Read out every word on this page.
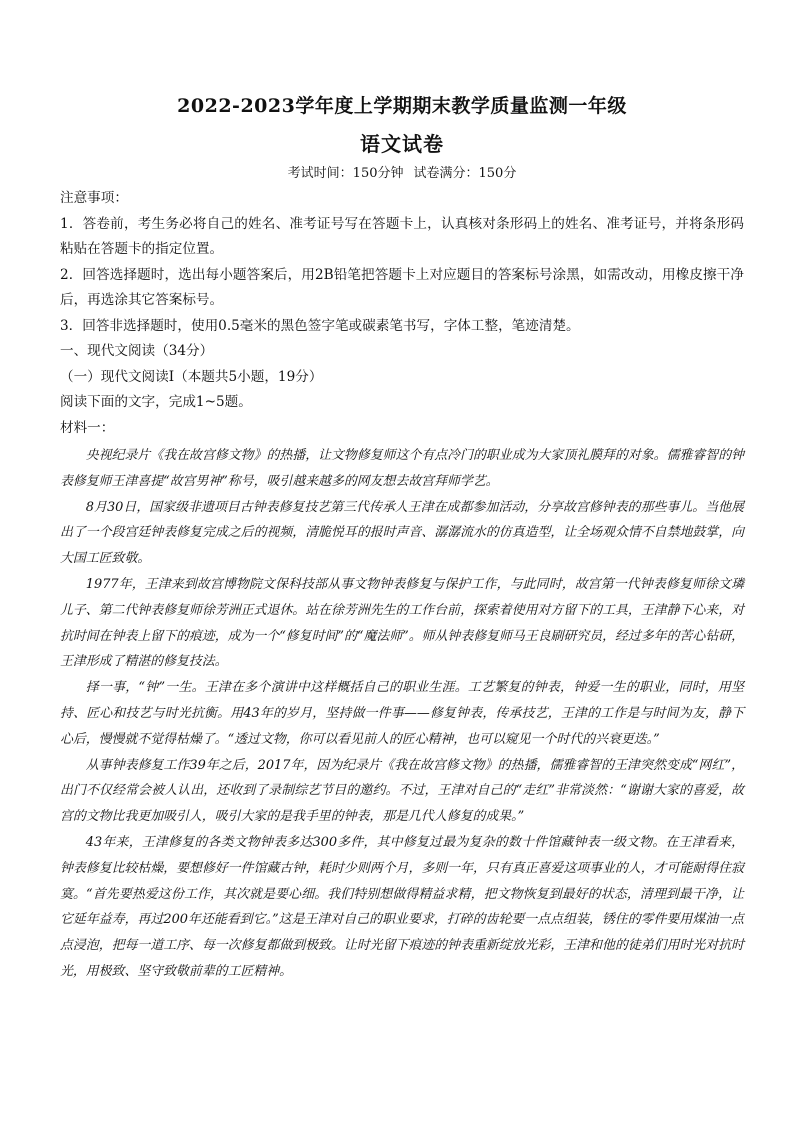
2022-2023学年度上学期期末教学质量监测一年级
语文试卷

考试时间：150分钟 试卷满分：150分

注意事项：

1．答卷前，考生务必将自己的姓名、准考证号写在答题卡上，认真核对条形码上的姓名、准考证号，并将条形码粘贴在答题卡的指定位置。

2．回答选择题时，选出每小题答案后，用2B铅笔把答题卡上对应题目的答案标号涂黑，如需改动，用橡皮擦干净后，再选涂其它答案标号。

3．回答非选择题时，使用0.5毫米的黑色签字笔或碳素笔书写，字体工整，笔迹清楚。

一、现代文阅读（34分）

（一）现代文阅读Ⅰ（本题共5小题，19分）

阅读下面的文字，完成1~5题。

材料一：

央视纪录片《我在故宫修文物》的热播，让文物修复师这个有点冷门的职业成为大家顶礼膜拜的对象。儒雅睿智的钟表修复师王津喜提“故宫男神”称号，吸引越来越多的网友想去故宫拜师学艺。

8月30日，国家级非遗项目古钟表修复技艺第三代传承人王津在成都参加活动，分享故宫修钟表的那些事儿。当他展出了一个段宫廷钟表修复完成之后的视频，清脆悦耳的报时声音、潺潺流水的仿真造型，让全场观众情不自禁地鼓掌，向大国工匠致敬。

1977年，王津来到故宫博物院文保科技部从事文物钟表修复与保护工作，与此同时，故宫第一代钟表修复师徐文璘儿子、第二代钟表修复师徐芳洲正式退休。站在徐芳洲先生的工作台前，探索着使用对方留下的工具，王津静下心来，对抗时间在钟表上留下的痕迹，成为一个“修复时间”的“魔法师”。师从钟表修复师马王良刷研究员，经过多年的苦心钻研，王津形成了精湛的修复技法。

择一事，“钟”一生。王津在多个演讲中这样概括自己的职业生涯。工艺繁复的钟表，钟爱一生的职业，同时，用坚持、匠心和技艺与时光抗衡。用43年的岁月，坚持做一件事——修复钟表，传承技艺，王津的工作是与时间为友，静下心后，慢慢就不觉得枯燥了。“透过文物，你可以看见前人的匠心精神，也可以窥见一个时代的兴衰更迭。”

从事钟表修复工作39年之后，2017年，因为纪录片《我在故宫修文物》的热播，儒雅睿智的王津突然变成“网红”，出门不仅经常会被人认出，还收到了录制综艺节目的邀约。不过，王津对自己的“走红”非常淡然：“谢谢大家的喜爱，故宫的文物比我更加吸引人，吸引大家的是我手里的钟表，那是几代人修复的成果。”

43年来，王津修复的各类文物钟表多达300多件，其中修复过最为复杂的数十件馆藏钟表一级文物。在王津看来，钟表修复比较枯燥，要想修好一件馆藏古钟，耗时少则两个月，多则一年，只有真正喜爱这项事业的人，才可能耐得住寂寞。“首先要热爱这份工作，其次就是要心细。我们特别想做得精益求精，把文物恢复到最好的状态，清理到最干净，让它延年益寿，再过200年还能看到它。”这是王津对自己的职业要求，打碎的齿轮要一点点组装，锈住的零件要用煤油一点点浸泡，把每一道工序、每一次修复都做到极致。让时光留下痕迹的钟表重新绽放光彩，王津和他的徒弟们用时光对抗时光，用极致、坚守致敬前辈的工匠精神。
